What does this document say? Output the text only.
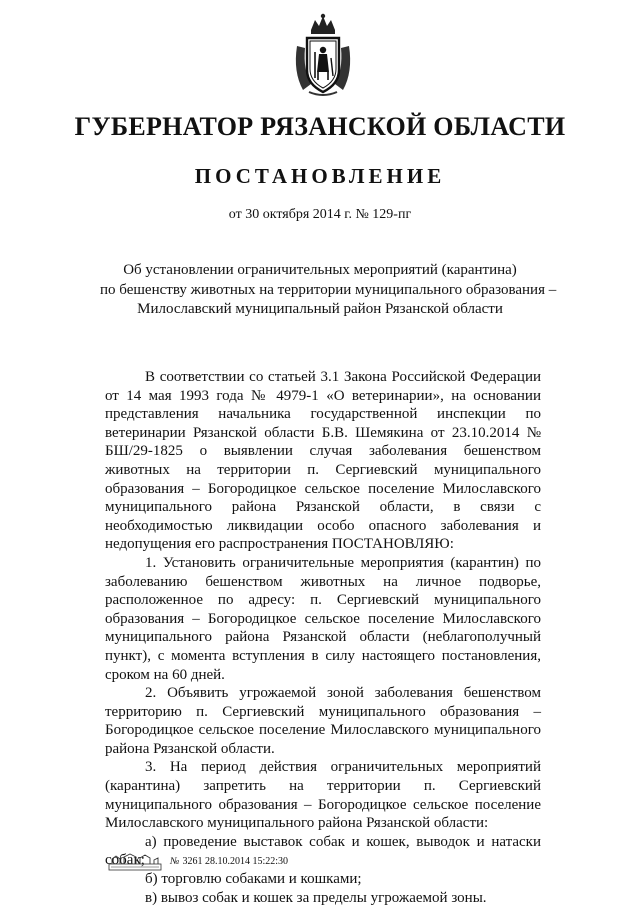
ГУБЕРНАТОР РЯЗАНСКОЙ ОБЛАСТИ
ПОСТАНОВЛЕНИЕ
от 30 октября 2014 г. № 129-пг
Об установлении ограничительных мероприятий (карантина)
по бешенству животных на территории муниципального образования –
Милославский муниципальный район Рязанской области

В соответствии со статьей 3.1 Закона Российской Федерации от 14 мая 1993 года № 4979-1 «О ветеринарии», на основании представления начальника государственной инспекции по ветеринарии Рязанской области Б.В. Шемякина от 23.10.2014 № БШ/29-1825 о выявлении случая заболевания бешенством животных на территории п. Сергиевский муниципального образования – Богородицкое сельское поселение Милославского муниципального района Рязанской области, в связи с необходимостью ликвидации особо опасного заболевания и недопущения его распространения ПОСТАНОВЛЯЮ:

1. Установить ограничительные мероприятия (карантин) по заболеванию бешенством животных на личное подворье, расположенное по адресу: п. Сергиевский муниципального образования – Богородицкое сельское поселение Милославского муниципального района Рязанской области (неблагополучный пункт), с момента вступления в силу настоящего постановления, сроком на 60 дней.

2. Объявить угрожаемой зоной заболевания бешенством территорию п. Сергиевский муниципального образования – Богородицкое сельское поселение Милославского муниципального района Рязанской области.

3. На период действия ограничительных мероприятий (карантина) запретить на территории п. Сергиевский муниципального образования – Богородицкое сельское поселение Милославского муниципального района Рязанской области:

а) проведение выставок собак и кошек, выводок и натаски собак;

б) торговлю собаками и кошками;

в) вывоз собак и кошек за пределы угрожаемой зоны.

№ 3261 28.10.2014 15:22:30
